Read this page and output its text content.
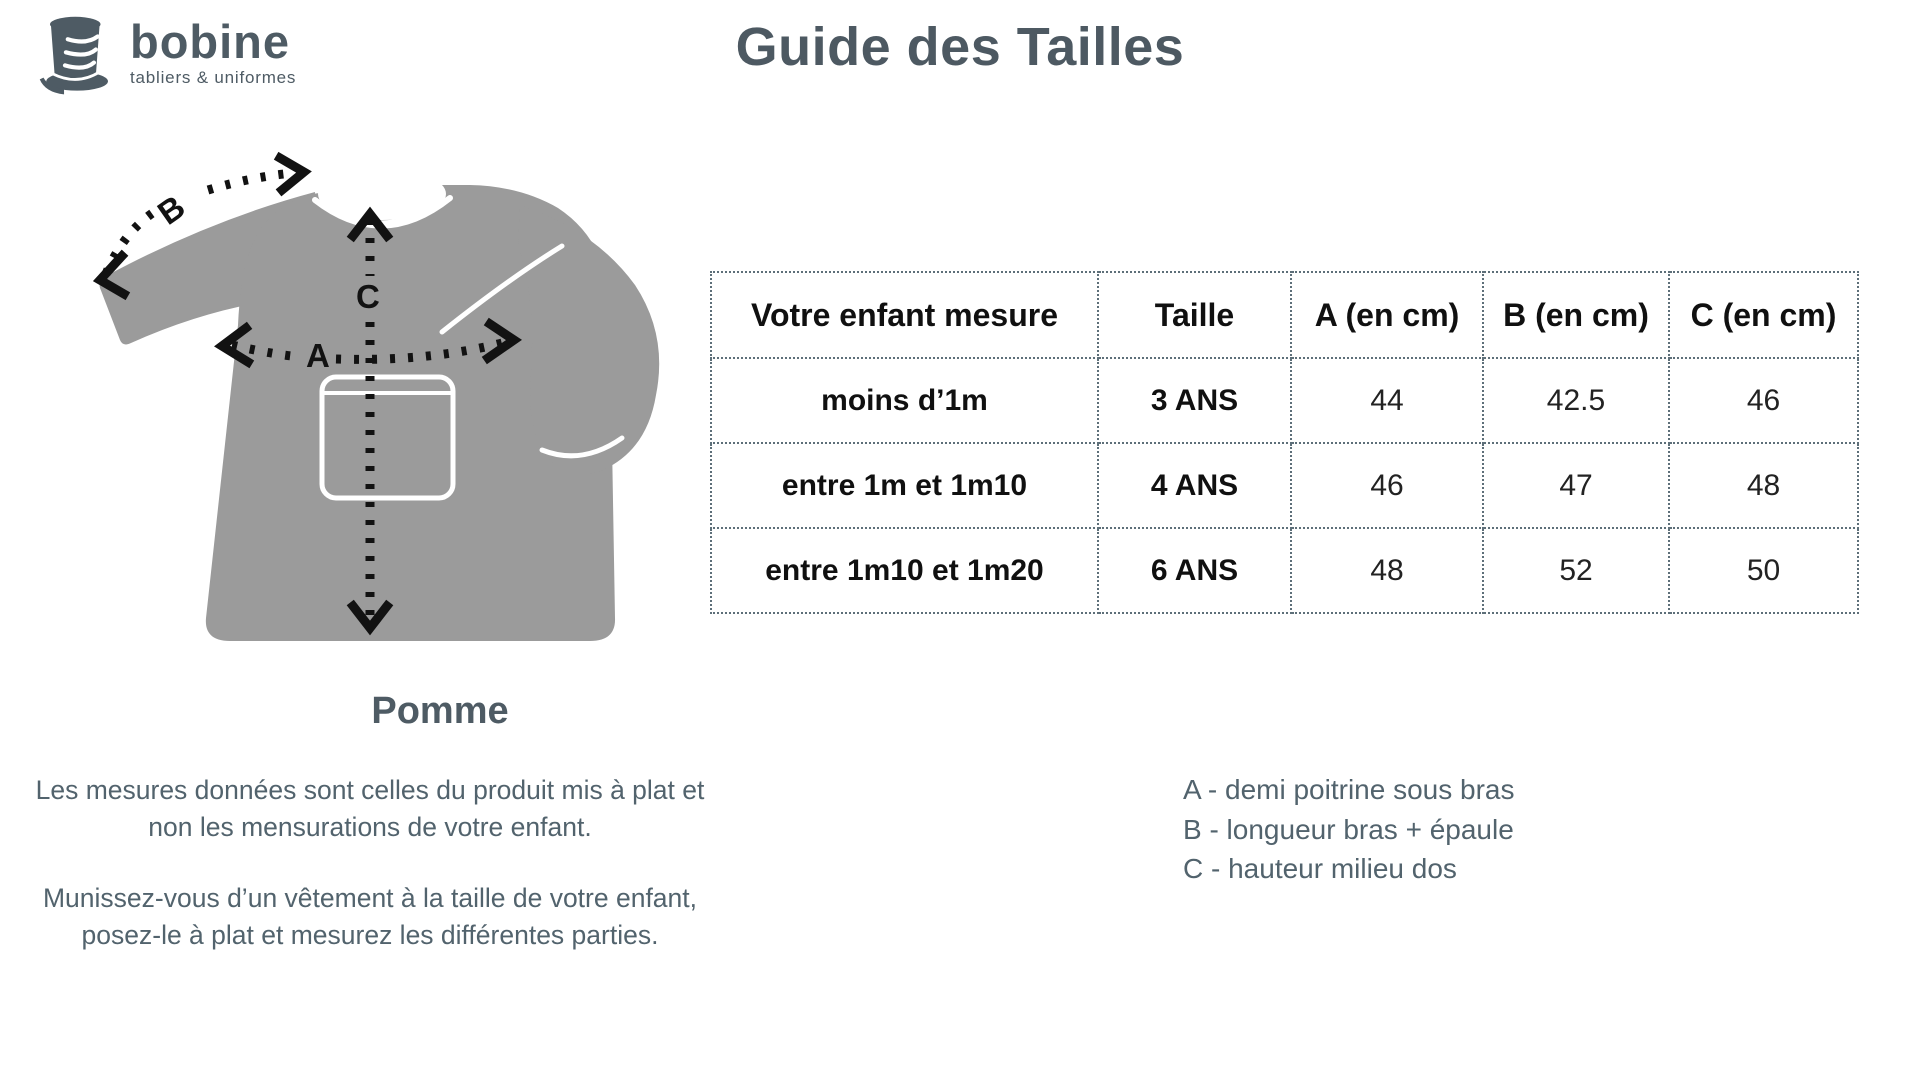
bobine
tabliers & uniformes
Guide des Tailles
A
B
C
Pomme
Votre enfant mesure	Taille	A (en cm)	B (en cm)	C (en cm)
moins d’1m	3 ANS	44	42.5	46
entre 1m et 1m10	4 ANS	46	47	48
entre 1m10 et 1m20	6 ANS	48	52	50

Les mesures données sont celles du produit mis à plat et non les mensurations de votre enfant.

Munissez-vous d’un vêtement à la taille de votre enfant, posez-le à plat et mesurez les différentes parties.

A - demi poitrine sous bras
B - longueur bras + épaule
C - hauteur milieu dos
